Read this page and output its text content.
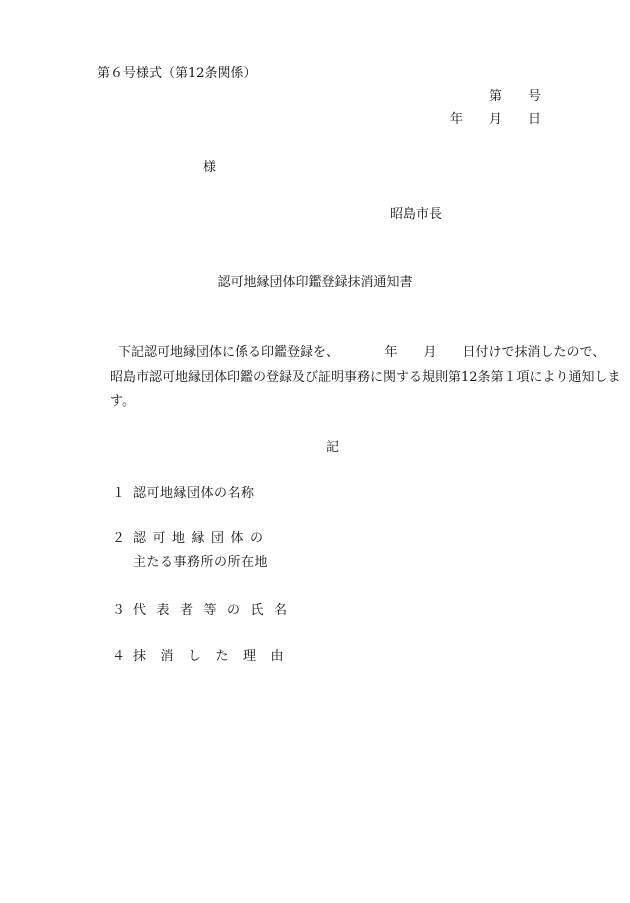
第６号様式（第12条関係）
第　　号
年　　月　　日
様
昭島市長
認可地縁団体印鑑登録抹消通知書
下記認可地縁団体に係る印鑑登録を、　　　　年　　月　　日付けで抹消したので、
昭島市認可地縁団体印鑑の登録及び証明事務に関する規則第12条第１項により通知しま
す。
記
１ 認可地縁団体の名称
２ 認可地縁団体の
主たる事務所の所在地
３ 代表者等の氏名
４ 抹消した理由
